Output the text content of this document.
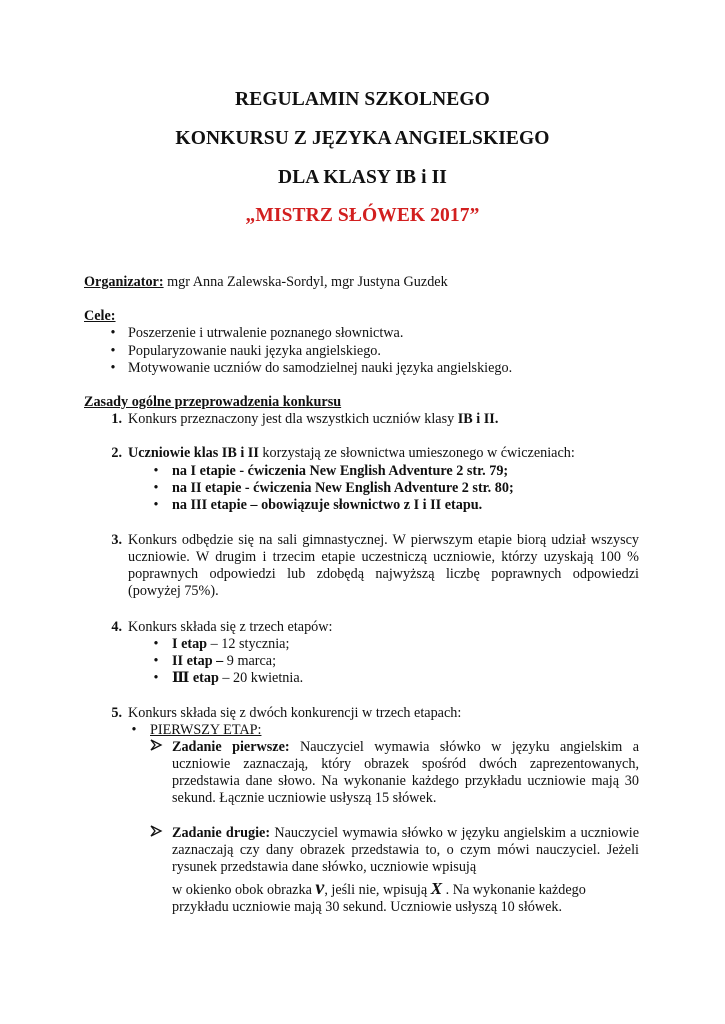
REGULAMIN SZKOLNEGO
KONKURSU Z JĘZYKA ANGIELSKIEGO
DLA KLASY IB i II
„MISTRZ SŁÓWEK 2017”

Organizator: mgr Anna Zalewska-Sordyl, mgr Justyna Guzdek

Cele:

• Poszerzenie i utrwalenie poznanego słownictwa.

• Popularyzowanie nauki języka angielskiego.

• Motywowanie uczniów do samodzielnej nauki języka angielskiego.

Zasady ogólne przeprowadzenia konkursu

1. Konkurs przeznaczony jest dla wszystkich uczniów klasy IB i II.

2. Uczniowie klas IB i II korzystają ze słownictwa umieszonego w ćwiczeniach:

• na I etapie - ćwiczenia New English Adventure 2 str. 79;

• na II etapie - ćwiczenia New English Adventure 2 str. 80;

• na III etapie – obowiązuje słownictwo z I i II etapu.

3. Konkurs odbędzie się na sali gimnastycznej. W pierwszym etapie biorą udział wszyscy uczniowie. W drugim i trzecim etapie uczestniczą uczniowie, którzy uzyskają 100 % poprawnych odpowiedzi lub zdobędą najwyższą liczbę poprawnych odpowiedzi (powyżej 75%).

4. Konkurs składa się z trzech etapów:

• I etap – 12 stycznia;

• II etap – 9 marca;

• Ⅲ etap – 20 kwietnia.

5. Konkurs składa się z dwóch konkurencji w trzech etapach:

• PIERWSZY ETAP:

Zadanie pierwsze: Nauczyciel wymawia słówko w języku angielskim a uczniowie zaznaczają, który obrazek spośród dwóch zaprezentowanych, przedstawia dane słowo. Na wykonanie każdego przykładu uczniowie mają 30 sekund. Łącznie uczniowie usłyszą 15 słówek.

Zadanie drugie: Nauczyciel wymawia słówko w języku angielskim a uczniowie zaznaczają czy dany obrazek przedstawia to, o czym mówi nauczyciel. Jeżeli rysunek przedstawia dane słówko, uczniowie wpisują

w okienko obok obrazka v, jeśli nie, wpisują X . Na wykonanie każdego

przykładu uczniowie mają 30 sekund. Uczniowie usłyszą 10 słówek.
